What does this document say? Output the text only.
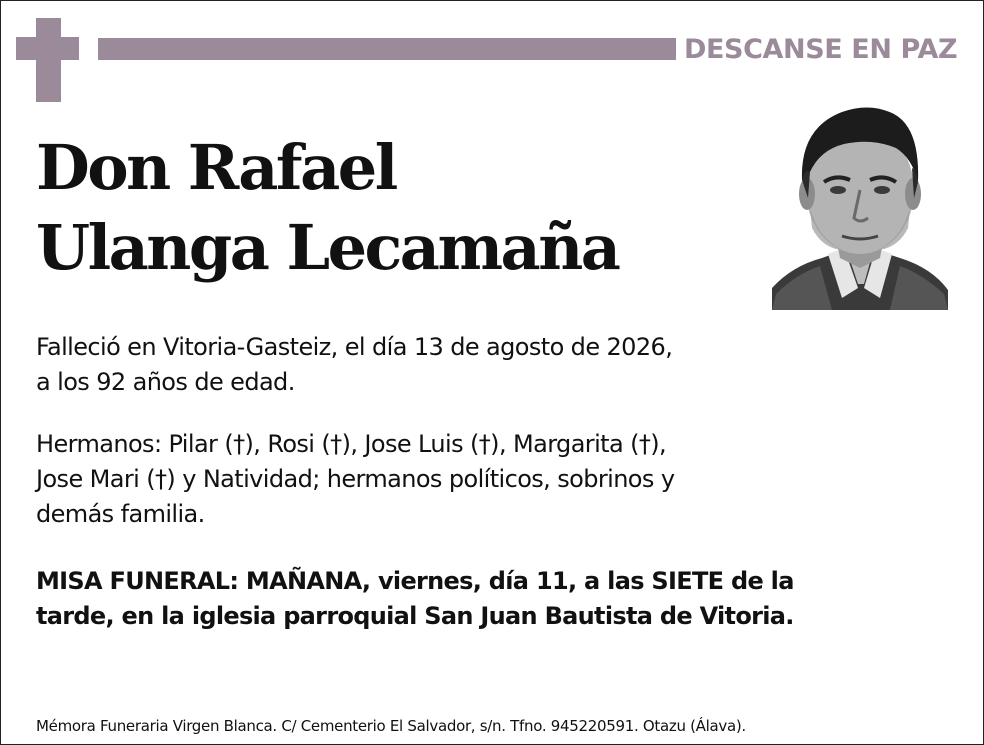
DESCANSE EN PAZ
Don Rafael
Ulanga Lecamaña
Falleció en Vitoria-Gasteiz, el día 13 de agosto de 2026,
a los 92 años de edad.
Hermanos: Pilar (†), Rosi (†), Jose Luis (†), Margarita (†),
Jose Mari (†) y Natividad; hermanos políticos, sobrinos y
demás familia.
MISA FUNERAL: MAÑANA, viernes, día 11, a las SIETE de la
tarde, en la iglesia parroquial San Juan Bautista de Vitoria.
Mémora Funeraria Virgen Blanca. C/ Cementerio El Salvador, s/n. Tfno. 945220591. Otazu (Álava).
